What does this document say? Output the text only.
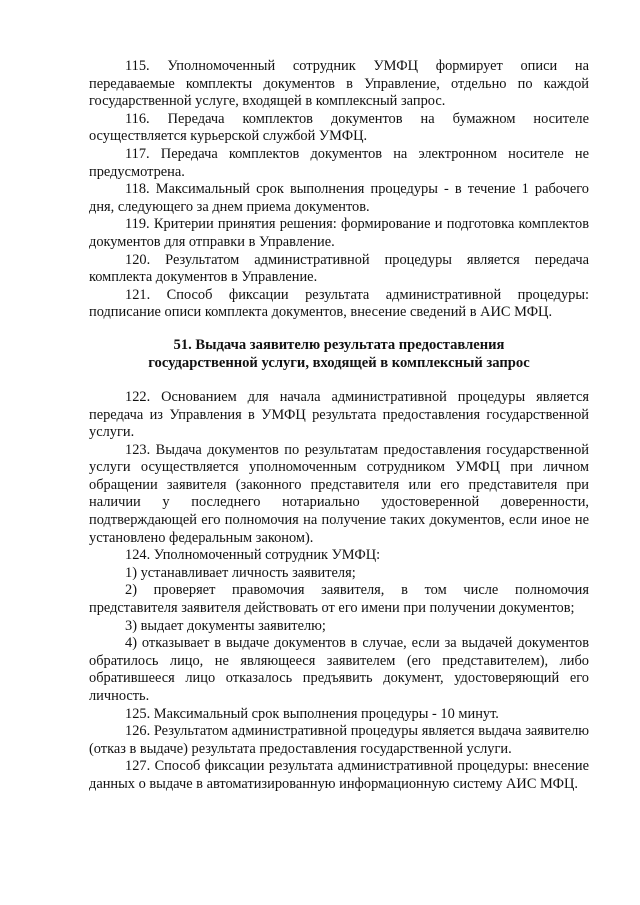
115. Уполномоченный сотрудник УМФЦ формирует описи на передаваемые комплекты документов в Управление, отдельно по каждой государственной услуге, входящей в комплексный запрос.

116. Передача комплектов документов на бумажном носителе осуществляется курьерской службой УМФЦ.

117. Передача комплектов документов на электронном носителе не предусмотрена.

118. Максимальный срок выполнения процедуры - в течение 1 рабочего дня, следующего за днем приема документов.

119. Критерии принятия решения: формирование и подготовка комплектов документов для отправки в Управление.

120. Результатом административной процедуры является передача комплекта документов в Управление.

121. Способ фиксации результата административной процедуры: подписание описи комплекта документов, внесение сведений в АИС МФЦ.

51. Выдача заявителю результата предоставления
государственной услуги, входящей в комплексный запрос

122. Основанием для начала административной процедуры является передача из Управления в УМФЦ результата предоставления государственной услуги.

123. Выдача документов по результатам предоставления государственной услуги осуществляется уполномоченным сотрудником УМФЦ при личном обращении заявителя (законного представителя или его представителя при наличии у последнего нотариально удостоверенной доверенности, подтверждающей его полномочия на получение таких документов, если иное не установлено федеральным законом).

124. Уполномоченный сотрудник УМФЦ:

1) устанавливает личность заявителя;

2) проверяет правомочия заявителя, в том числе полномочия представителя заявителя действовать от его имени при получении документов;

3) выдает документы заявителю;

4) отказывает в выдаче документов в случае, если за выдачей документов обратилось лицо, не являющееся заявителем (его представителем), либо обратившееся лицо отказалось предъявить документ, удостоверяющий его личность.

125. Максимальный срок выполнения процедуры - 10 минут.

126. Результатом административной процедуры является выдача заявителю (отказ в выдаче) результата предоставления государственной услуги.

127. Способ фиксации результата административной процедуры: внесение данных о выдаче в автоматизированную информационную систему АИС МФЦ.
